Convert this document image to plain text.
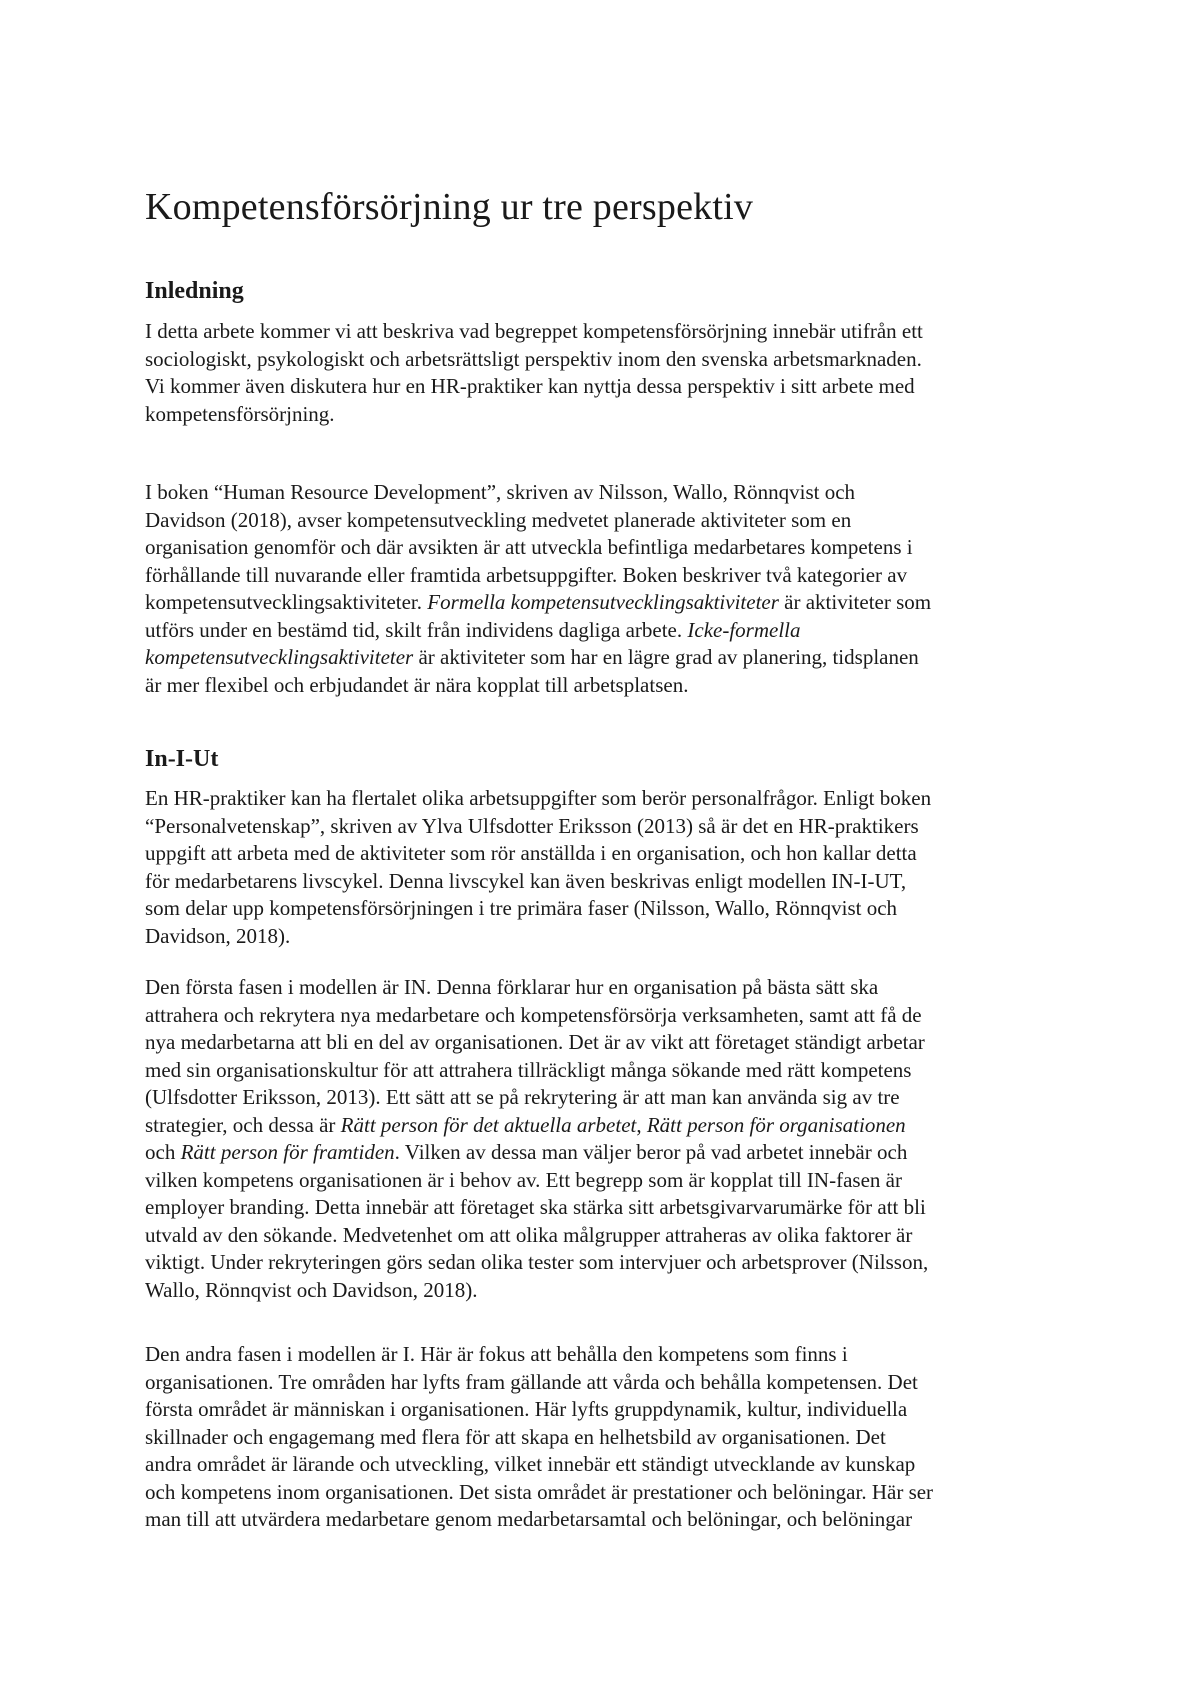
Kompetensförsörjning ur tre perspektiv
Inledning

I detta arbete kommer vi att beskriva vad begreppet kompetensförsörjning innebär utifrån ett
sociologiskt, psykologiskt och arbetsrättsligt perspektiv inom den svenska arbetsmarknaden.
Vi kommer även diskutera hur en HR-praktiker kan nyttja dessa perspektiv i sitt arbete med
kompetensförsörjning.

I boken “Human Resource Development”, skriven av Nilsson, Wallo, Rönnqvist och
Davidson (2018), avser kompetensutveckling medvetet planerade aktiviteter som en
organisation genomför och där avsikten är att utveckla befintliga medarbetares kompetens i
förhållande till nuvarande eller framtida arbetsuppgifter. Boken beskriver två kategorier av
kompetensutvecklingsaktiviteter. Formella kompetensutvecklingsaktiviteter är aktiviteter som
utförs under en bestämd tid, skilt från individens dagliga arbete. Icke-formella
kompetensutvecklingsaktiviteter är aktiviteter som har en lägre grad av planering, tidsplanen
är mer flexibel och erbjudandet är nära kopplat till arbetsplatsen.

In-I-Ut

En HR-praktiker kan ha flertalet olika arbetsuppgifter som berör personalfrågor. Enligt boken
“Personalvetenskap”, skriven av Ylva Ulfsdotter Eriksson (2013) så är det en HR-praktikers
uppgift att arbeta med de aktiviteter som rör anställda i en organisation, och hon kallar detta
för medarbetarens livscykel. Denna livscykel kan även beskrivas enligt modellen IN-I-UT,
som delar upp kompetensförsörjningen i tre primära faser (Nilsson, Wallo, Rönnqvist och
Davidson, 2018).

Den första fasen i modellen är IN. Denna förklarar hur en organisation på bästa sätt ska
attrahera och rekrytera nya medarbetare och kompetensförsörja verksamheten, samt att få de
nya medarbetarna att bli en del av organisationen. Det är av vikt att företaget ständigt arbetar
med sin organisationskultur för att attrahera tillräckligt många sökande med rätt kompetens
(Ulfsdotter Eriksson, 2013). Ett sätt att se på rekrytering är att man kan använda sig av tre
strategier, och dessa är Rätt person för det aktuella arbetet, Rätt person för organisationen
och Rätt person för framtiden. Vilken av dessa man väljer beror på vad arbetet innebär och
vilken kompetens organisationen är i behov av. Ett begrepp som är kopplat till IN-fasen är
employer branding. Detta innebär att företaget ska stärka sitt arbetsgivarvarumärke för att bli
utvald av den sökande. Medvetenhet om att olika målgrupper attraheras av olika faktorer är
viktigt. Under rekryteringen görs sedan olika tester som intervjuer och arbetsprover (Nilsson,
Wallo, Rönnqvist och Davidson, 2018).

Den andra fasen i modellen är I. Här är fokus att behålla den kompetens som finns i
organisationen. Tre områden har lyfts fram gällande att vårda och behålla kompetensen. Det
första området är människan i organisationen. Här lyfts gruppdynamik, kultur, individuella
skillnader och engagemang med flera för att skapa en helhetsbild av organisationen. Det
andra området är lärande och utveckling, vilket innebär ett ständigt utvecklande av kunskap
och kompetens inom organisationen. Det sista området är prestationer och belöningar. Här ser
man till att utvärdera medarbetare genom medarbetarsamtal och belöningar, och belöningar
